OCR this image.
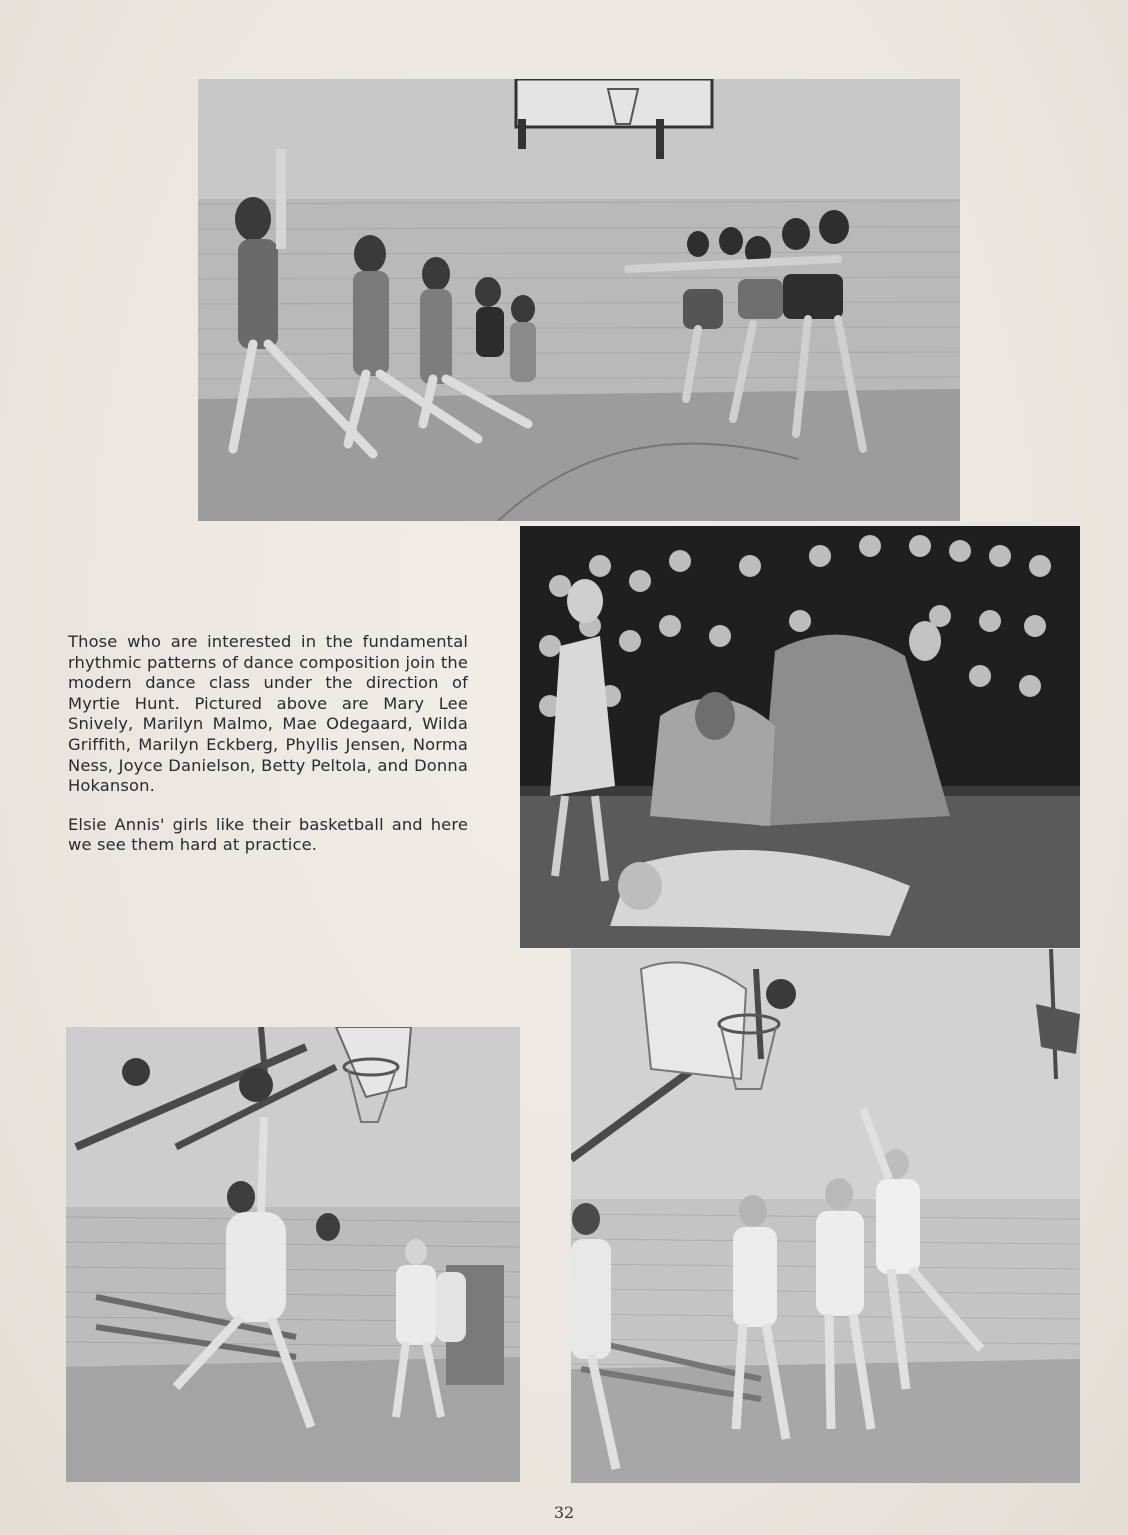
Those who are interested in the fundamental rhythmic patterns of dance composition join the modern dance class under the direction of Myrtie Hunt. Pictured above are Mary Lee Snively, Marilyn Malmo, Mae Odegaard, Wilda Griffith, Marilyn Eckberg, Phyllis Jensen, Norma Ness, Joyce Danielson, Betty Peltola, and Donna Hokanson.

Elsie Annis' girls like their basketball and here we see them hard at practice.

32
